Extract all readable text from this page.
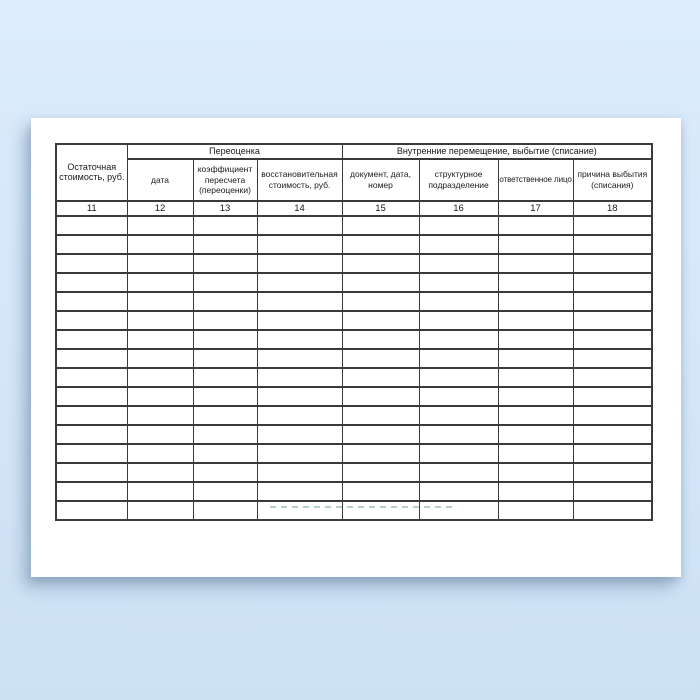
Остаточная стоимость, руб.	Переоценка			Внутренние перемещение, выбытие (списание)			
	дата	коэффициент пересчета (переоценки)	восстановительная стоимость, руб.	документ, дата, номер	структурное подразделение	ответственное лицо	причина выбытия (списания)
11	12	13	14	15	16	17	18
